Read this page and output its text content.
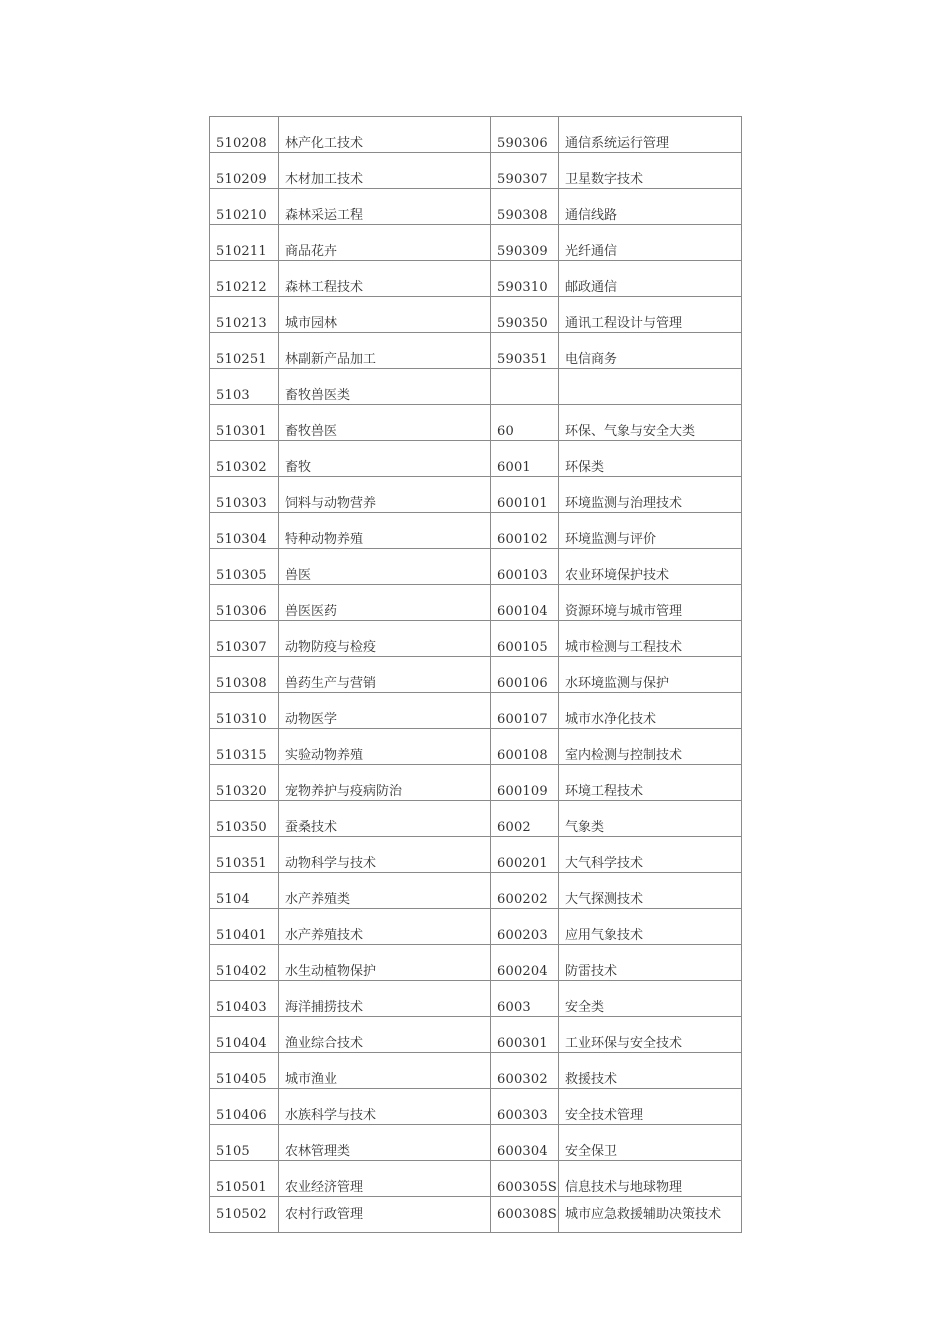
510208	林产化工技术	590306	通信系统运行管理
510209	木材加工技术	590307	卫星数字技术
510210	森林采运工程	590308	通信线路
510211	商品花卉	590309	光纤通信
510212	森林工程技术	590310	邮政通信
510213	城市园林	590350	通讯工程设计与管理
510251	林副新产品加工	590351	电信商务
5103	畜牧兽医类		
510301	畜牧兽医	60	环保、气象与安全大类
510302	畜牧	6001	环保类
510303	饲料与动物营养	600101	环境监测与治理技术
510304	特种动物养殖	600102	环境监测与评价
510305	兽医	600103	农业环境保护技术
510306	兽医医药	600104	资源环境与城市管理
510307	动物防疫与检疫	600105	城市检测与工程技术
510308	兽药生产与营销	600106	水环境监测与保护
510310	动物医学	600107	城市水净化技术
510315	实验动物养殖	600108	室内检测与控制技术
510320	宠物养护与疫病防治	600109	环境工程技术
510350	蚕桑技术	6002	气象类
510351	动物科学与技术	600201	大气科学技术
5104	水产养殖类	600202	大气探测技术
510401	水产养殖技术	600203	应用气象技术
510402	水生动植物保护	600204	防雷技术
510403	海洋捕捞技术	6003	安全类
510404	渔业综合技术	600301	工业环保与安全技术
510405	城市渔业	600302	救援技术
510406	水族科学与技术	600303	安全技术管理
5105	农林管理类	600304	安全保卫
510501	农业经济管理	600305S	信息技术与地球物理
510502	农村行政管理	600308S	城市应急救援辅助决策技术
